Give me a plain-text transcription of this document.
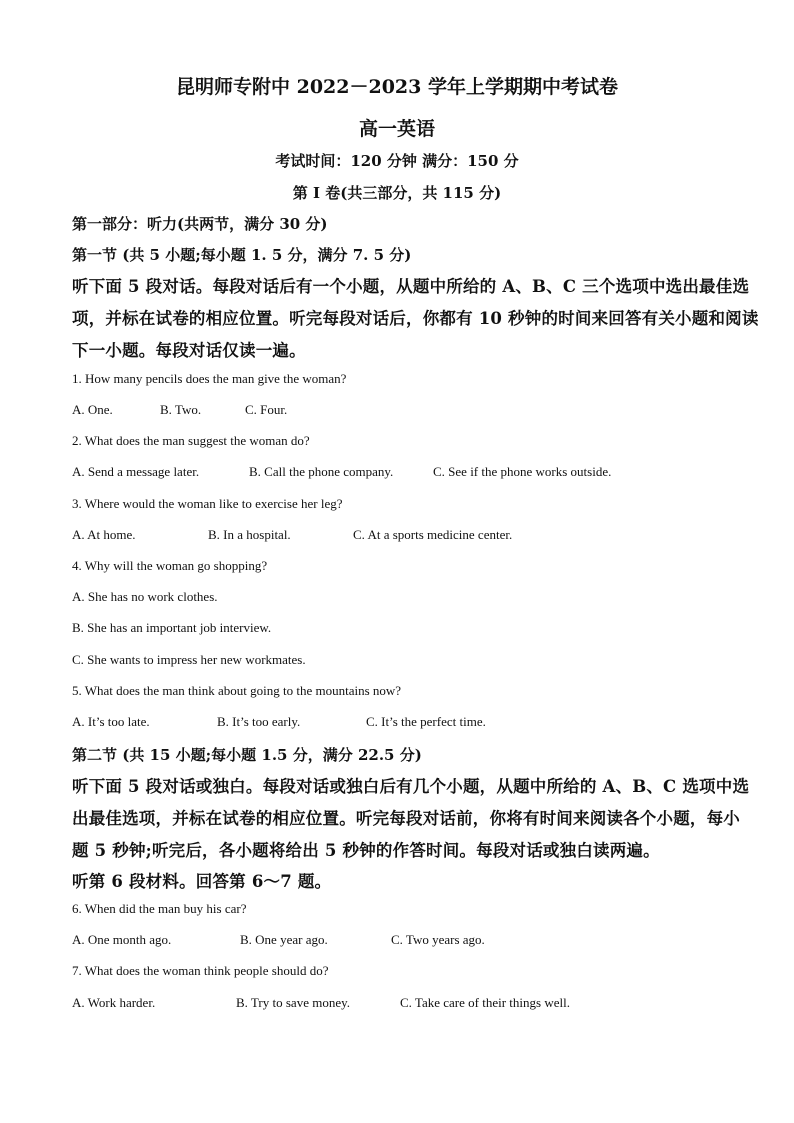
昆明师专附中 2022－2023 学年上学期期中考试卷
高一英语
考试时间：120 分钟 满分：150 分
第 I 卷(共三部分，共 115 分)
第一部分：听力(共两节，满分 30 分)
第一节 (共 5 小题;每小题 1. 5 分，满分 7. 5 分)
听下面 5 段对话。每段对话后有一个小题，从题中所给的 A、B、C 三个选项中选出最佳选
项，并标在试卷的相应位置。听完每段对话后，你都有 10 秒钟的时间来回答有关小题和阅读
下一小题。每段对话仅读一遍。
1. How many pencils does the man give the woman?
A. One.	B. Two.	C. Four.
2. What does the man suggest the woman do?
A. Send a message later.	B. Call the phone company.	C. See if the phone works outside.
3. Where would the woman like to exercise her leg?
A. At home.	B. In a hospital.	C. At a sports medicine center.
4. Why will the woman go shopping?
A. She has no work clothes.
B. She has an important job interview.
C. She wants to impress her new workmates.
5. What does the man think about going to the mountains now?
A. It’s too late.	B. It’s too early.	C. It’s the perfect time.
第二节 (共 15 小题;每小题 1.5 分，满分 22.5 分)
听下面 5 段对话或独白。每段对话或独白后有几个小题，从题中所给的 A、B、C 选项中选
出最佳选项，并标在试卷的相应位置。听完每段对话前，你将有时间来阅读各个小题，每小
题 5 秒钟;听完后，各小题将给出 5 秒钟的作答时间。每段对话或独白读两遍。
听第 6 段材料。回答第 6～7 题。
6. When did the man buy his car?
A. One month ago.	B. One year ago.	C. Two years ago.
7. What does the woman think people should do?
A. Work harder.	B. Try to save money.	C. Take care of their things well.
